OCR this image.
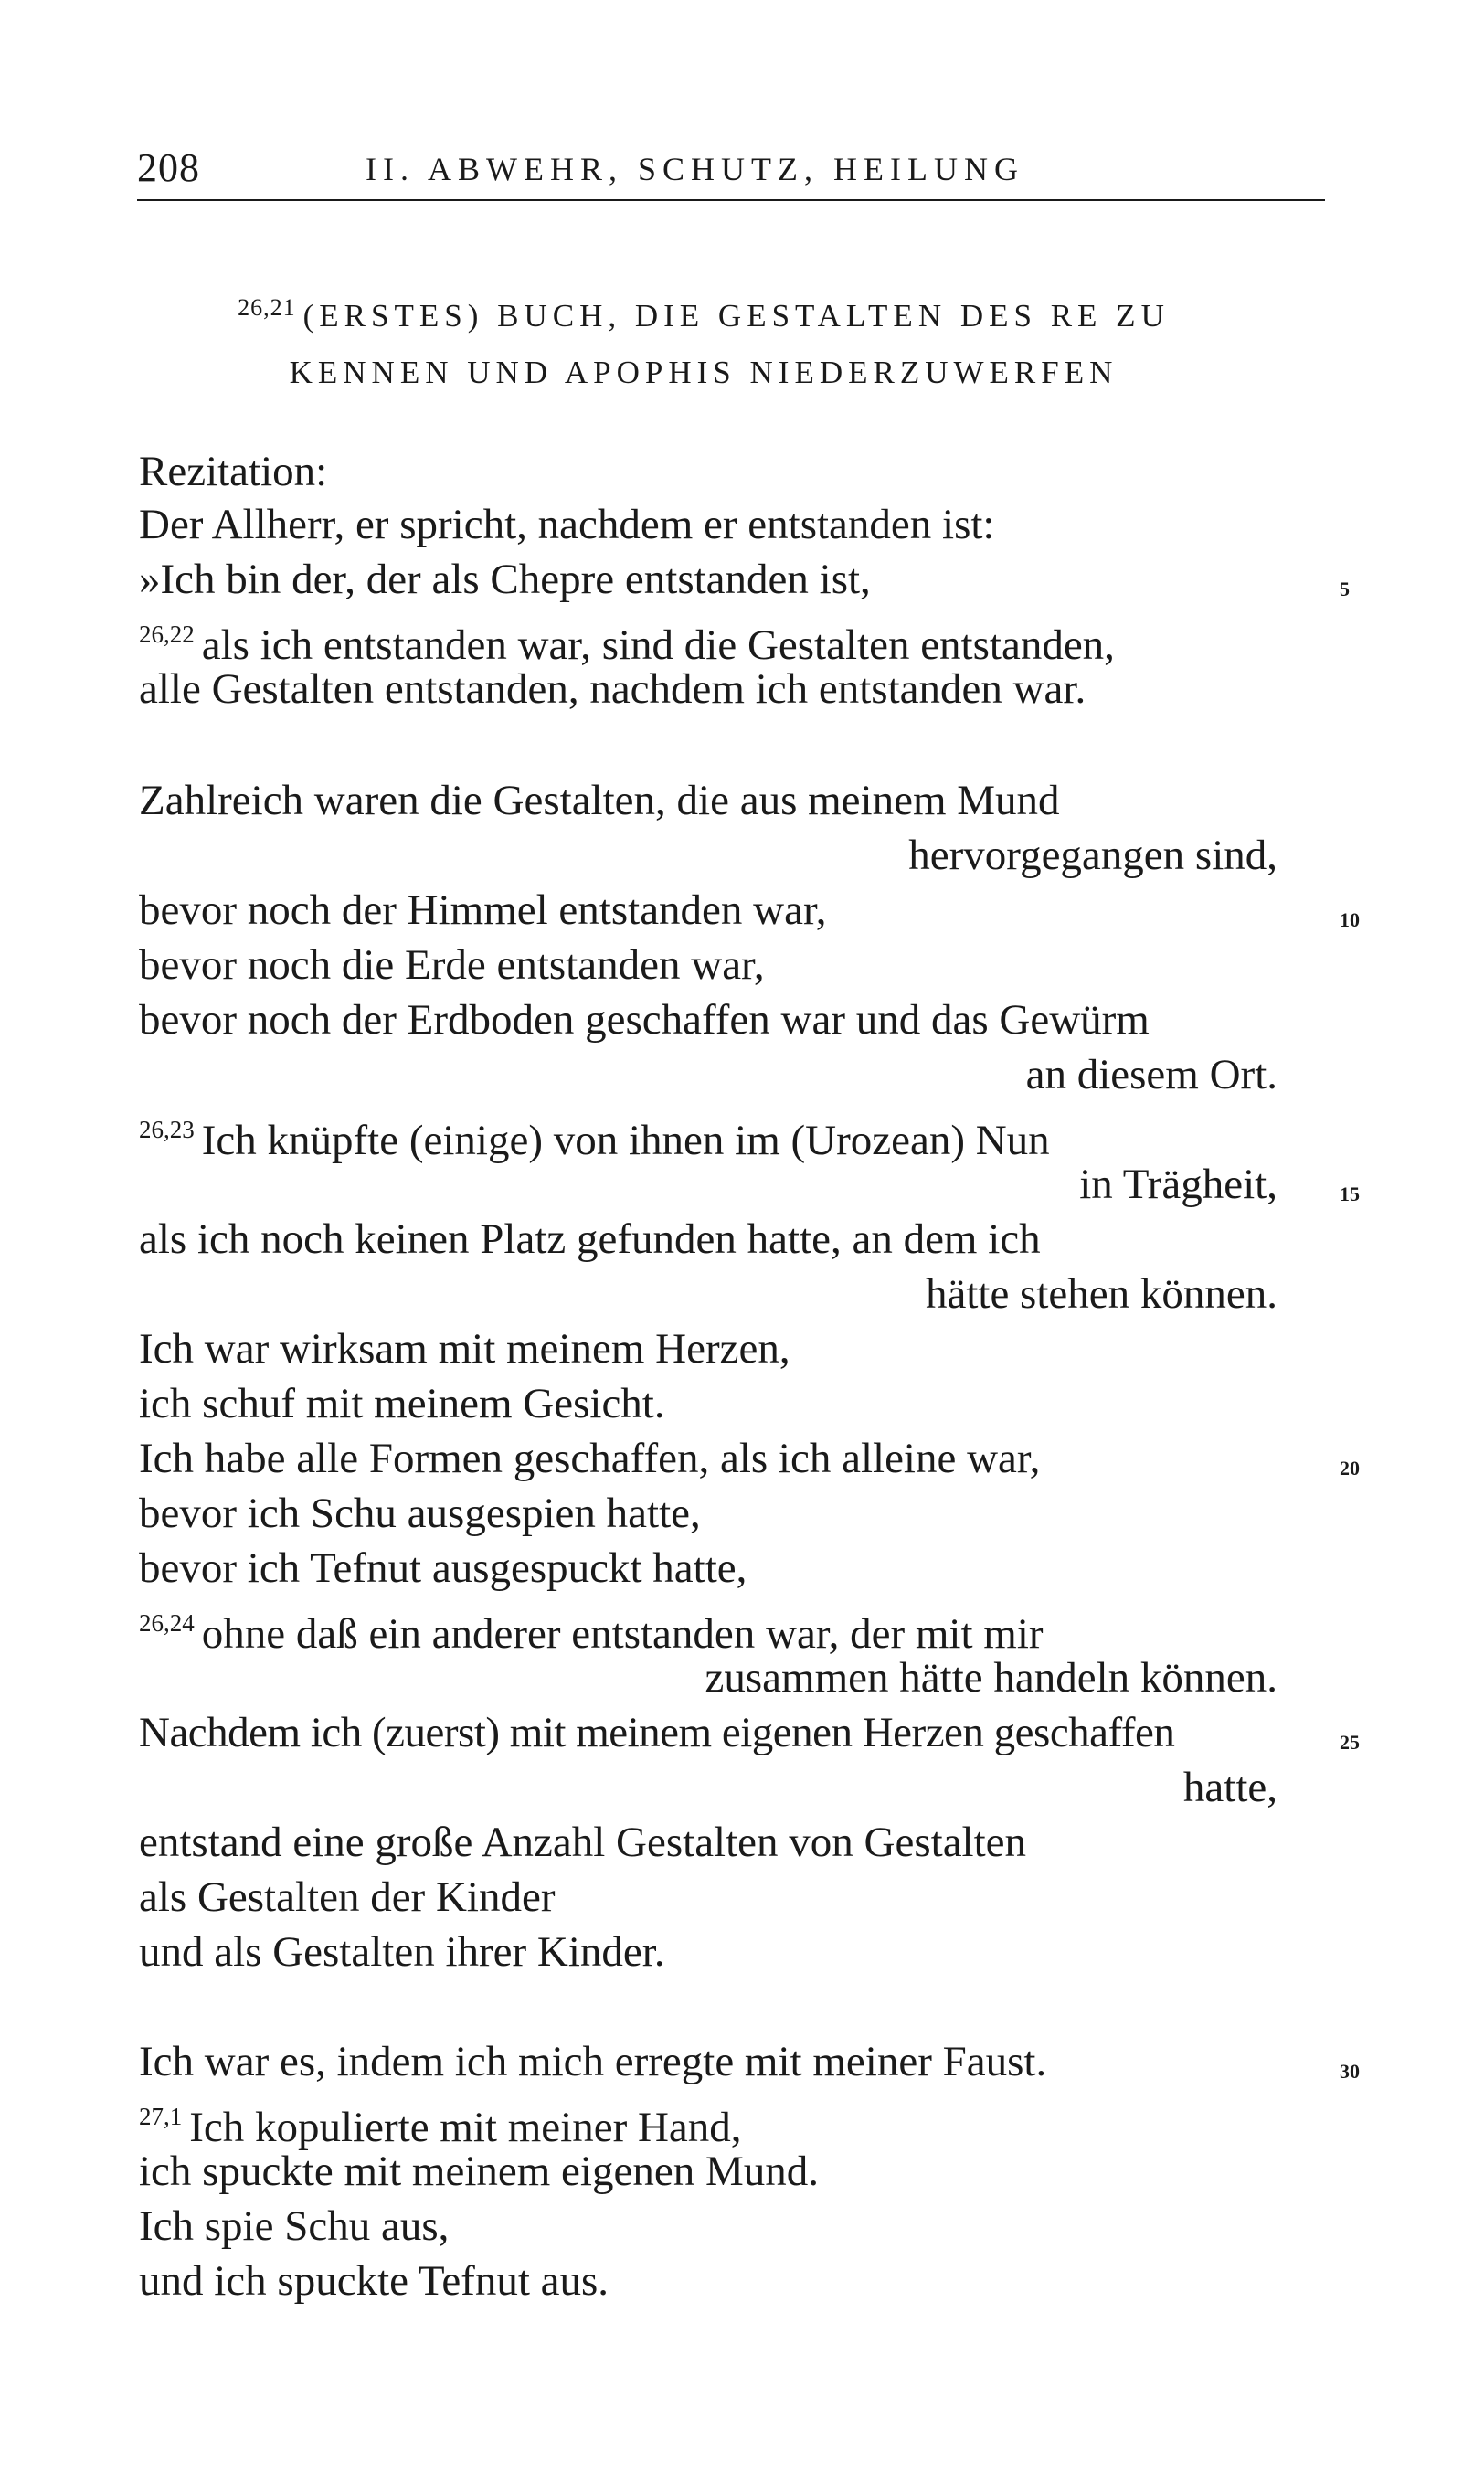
208	II. ABWEHR, SCHUTZ, HEILUNG
$^{26,21}$ (ERSTES) BUCH, DIE GESTALTEN DES RE ZU
KENNEN UND APOPHIS NIEDERZUWERFEN
Rezitation:
Der Allherr, er spricht, nachdem er entstanden ist:
»Ich bin der, der als Chepre entstanden ist,
$^{26,22}$ als ich entstanden war, sind die Gestalten entstanden,
alle Gestalten entstanden, nachdem ich entstanden war.
Zahlreich waren die Gestalten, die aus meinem Mund
hervorgegangen sind,
bevor noch der Himmel entstanden war,
bevor noch die Erde entstanden war,
bevor noch der Erdboden geschaffen war und das Gewürm
an diesem Ort.
$^{26,23}$ Ich knüpfte (einige) von ihnen im (Urozean) Nun
in Trägheit,
als ich noch keinen Platz gefunden hatte, an dem ich
hätte stehen können.
Ich war wirksam mit meinem Herzen,
ich schuf mit meinem Gesicht.
Ich habe alle Formen geschaffen, als ich alleine war,
bevor ich Schu ausgespien hatte,
bevor ich Tefnut ausgespuckt hatte,
$^{26,24}$ ohne daß ein anderer entstanden war, der mit mir
zusammen hätte handeln können.
Nachdem ich (zuerst) mit meinem eigenen Herzen geschaffen
hatte,
entstand eine große Anzahl Gestalten von Gestalten
als Gestalten der Kinder
und als Gestalten ihrer Kinder.
Ich war es, indem ich mich erregte mit meiner Faust.
$^{27,1}$ Ich kopulierte mit meiner Hand,
ich spuckte mit meinem eigenen Mund.
Ich spie Schu aus,
und ich spuckte Tefnut aus.
5
10
15
20
25
30
